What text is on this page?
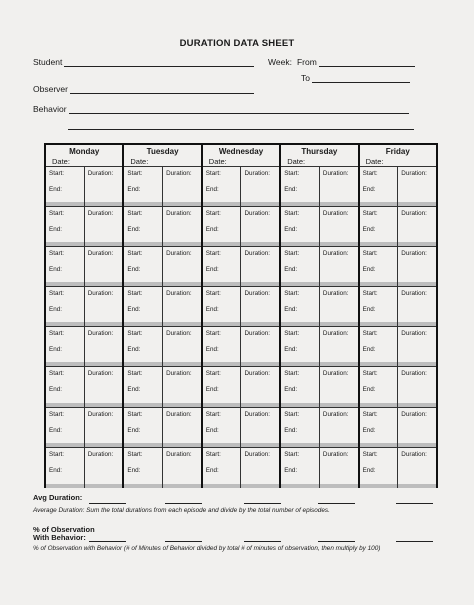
DURATION DATA SHEET
Student	Week: From
To
Observer
Behavior
Monday
Date:
Start:
End:
Duration:
Start:
End:
Duration:
Start:
End:
Duration:
Start:
End:
Duration:
Start:
End:
Duration:
Start:
End:
Duration:
Start:
End:
Duration:
Start:
End:
Duration:
Tuesday
Date:
Start:
End:
Duration:
Start:
End:
Duration:
Start:
End:
Duration:
Start:
End:
Duration:
Start:
End:
Duration:
Start:
End:
Duration:
Start:
End:
Duration:
Start:
End:
Duration:
Wednesday
Date:
Start:
End:
Duration:
Start:
End:
Duration:
Start:
End:
Duration:
Start:
End:
Duration:
Start:
End:
Duration:
Start:
End:
Duration:
Start:
End:
Duration:
Start:
End:
Duration:
Thursday
Date:
Start:
End:
Duration:
Start:
End:
Duration:
Start:
End:
Duration:
Start:
End:
Duration:
Start:
End:
Duration:
Start:
End:
Duration:
Start:
End:
Duration:
Start:
End:
Duration:
Friday
Date:
Start:
End:
Duration:
Start:
End:
Duration:
Start:
End:
Duration:
Start:
End:
Duration:
Start:
End:
Duration:
Start:
End:
Duration:
Start:
End:
Duration:
Start:
End:
Duration:
Avg Duration:
Average Duration: Sum the total durations from each episode and divide by the total number of episodes.
% of Observation
With Behavior:
% of Observation with Behavior (# of Minutes of Behavior divided by total # of minutes of observation, then multiply by 100)
